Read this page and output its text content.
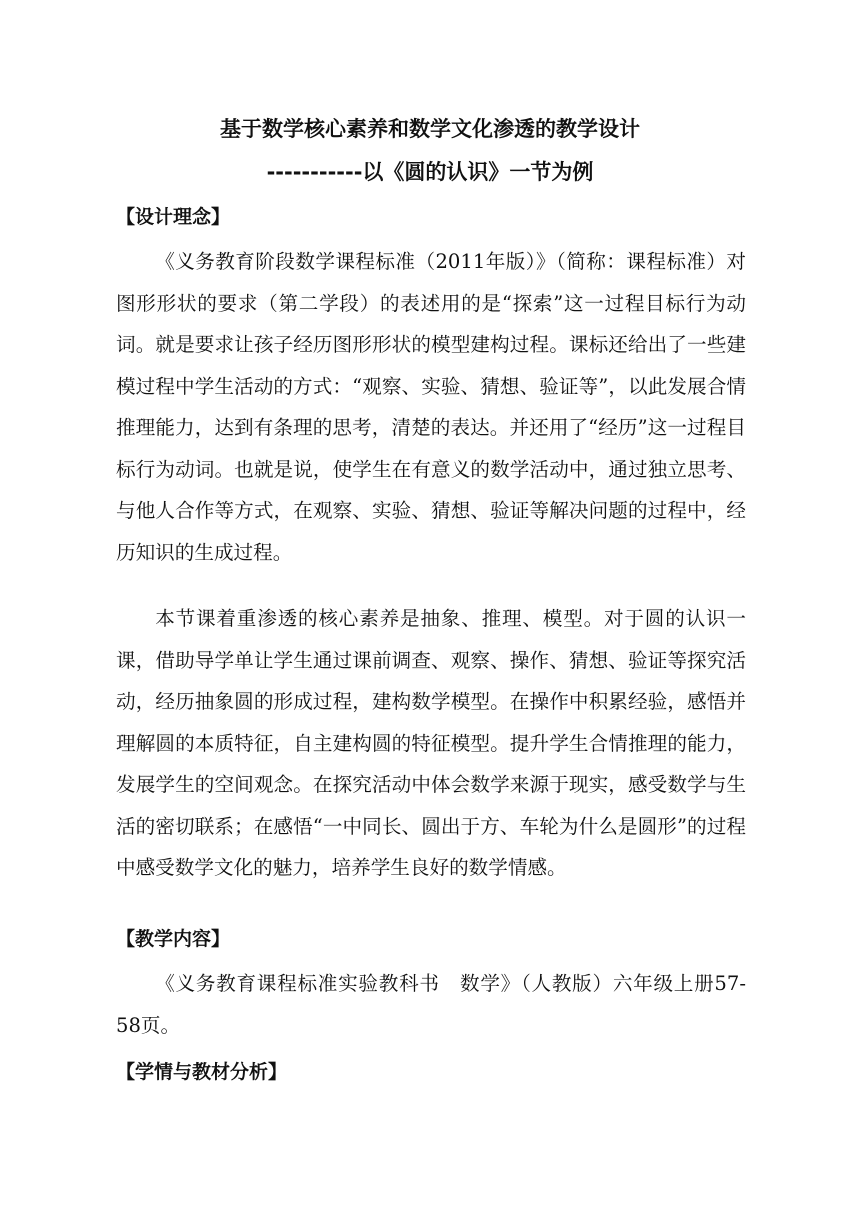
基于数学核心素养和数学文化渗透的教学设计
-----------以《圆的认识》一节为例
【设计理念】

《义务教育阶段数学课程标准（2011年版）》（简称：课程标准）对图形形状的要求（第二学段）的表述用的是“探索”这一过程目标行为动词。就是要求让孩子经历图形形状的模型建构过程。课标还给出了一些建模过程中学生活动的方式：“观察、实验、猜想、验证等”，以此发展合情推理能力，达到有条理的思考，清楚的表达。并还用了“经历”这一过程目标行为动词。也就是说，使学生在有意义的数学活动中，通过独立思考、与他人合作等方式，在观察、实验、猜想、验证等解决问题的过程中，经历知识的生成过程。

本节课着重渗透的核心素养是抽象、推理、模型。对于圆的认识一课，借助导学单让学生通过课前调查、观察、操作、猜想、验证等探究活动，经历抽象圆的形成过程，建构数学模型。在操作中积累经验，感悟并理解圆的本质特征，自主建构圆的特征模型。提升学生合情推理的能力，发展学生的空间观念。在探究活动中体会数学来源于现实，感受数学与生活的密切联系；在感悟“一中同长、圆出于方、车轮为什么是圆形”的过程中感受数学文化的魅力，培养学生良好的数学情感。

【教学内容】

《义务教育课程标准实验教科书　数学》（人教版）六年级上册57-58页。

【学情与教材分析】
